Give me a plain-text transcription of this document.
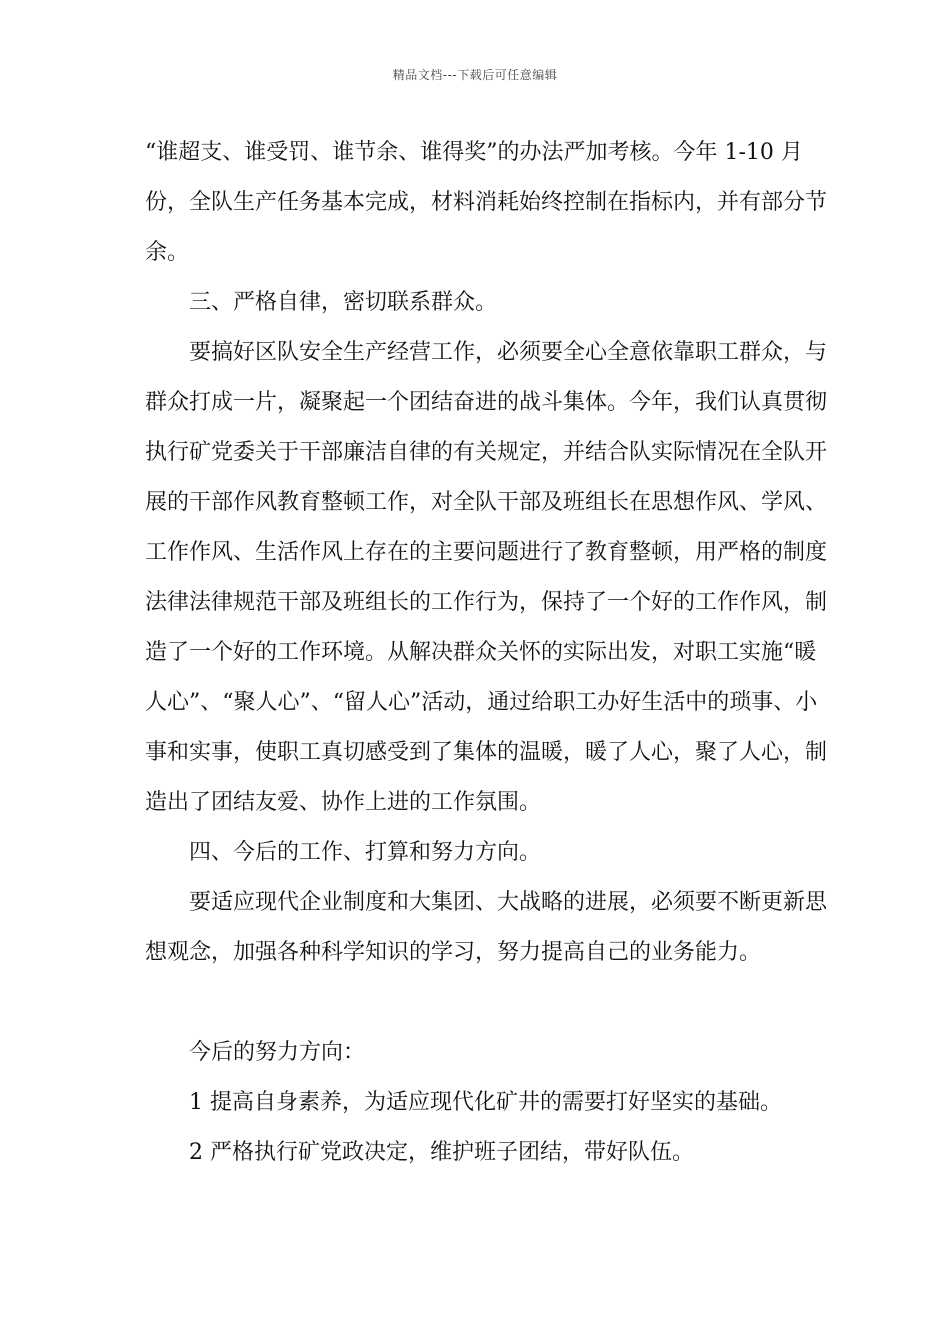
精品文档---下载后可任意编辑

“谁超支、谁受罚、谁节余、谁得奖”的办法严加考核。今年 1-10 月份，全队生产任务基本完成，材料消耗始终控制在指标内，并有部分节余。

三、严格自律，密切联系群众。

要搞好区队安全生产经营工作，必须要全心全意依靠职工群众，与群众打成一片，凝聚起一个团结奋进的战斗集体。今年，我们认真贯彻执行矿党委关于干部廉洁自律的有关规定，并结合队实际情况在全队开展的干部作风教育整顿工作，对全队干部及班组长在思想作风、学风、工作作风、生活作风上存在的主要问题进行了教育整顿，用严格的制度法律法律规范干部及班组长的工作行为，保持了一个好的工作作风，制造了一个好的工作环境。从解决群众关怀的实际出发，对职工实施“暖人心”、“聚人心”、“留人心”活动，通过给职工办好生活中的琐事、小事和实事，使职工真切感受到了集体的温暖，暖了人心，聚了人心，制造出了团结友爱、协作上进的工作氛围。

四、今后的工作、打算和努力方向。

要适应现代企业制度和大集团、大战略的进展，必须要不断更新思想观念，加强各种科学知识的学习，努力提高自己的业务能力。

今后的努力方向：

1 提高自身素养，为适应现代化矿井的需要打好坚实的基础。

2 严格执行矿党政决定，维护班子团结，带好队伍。
